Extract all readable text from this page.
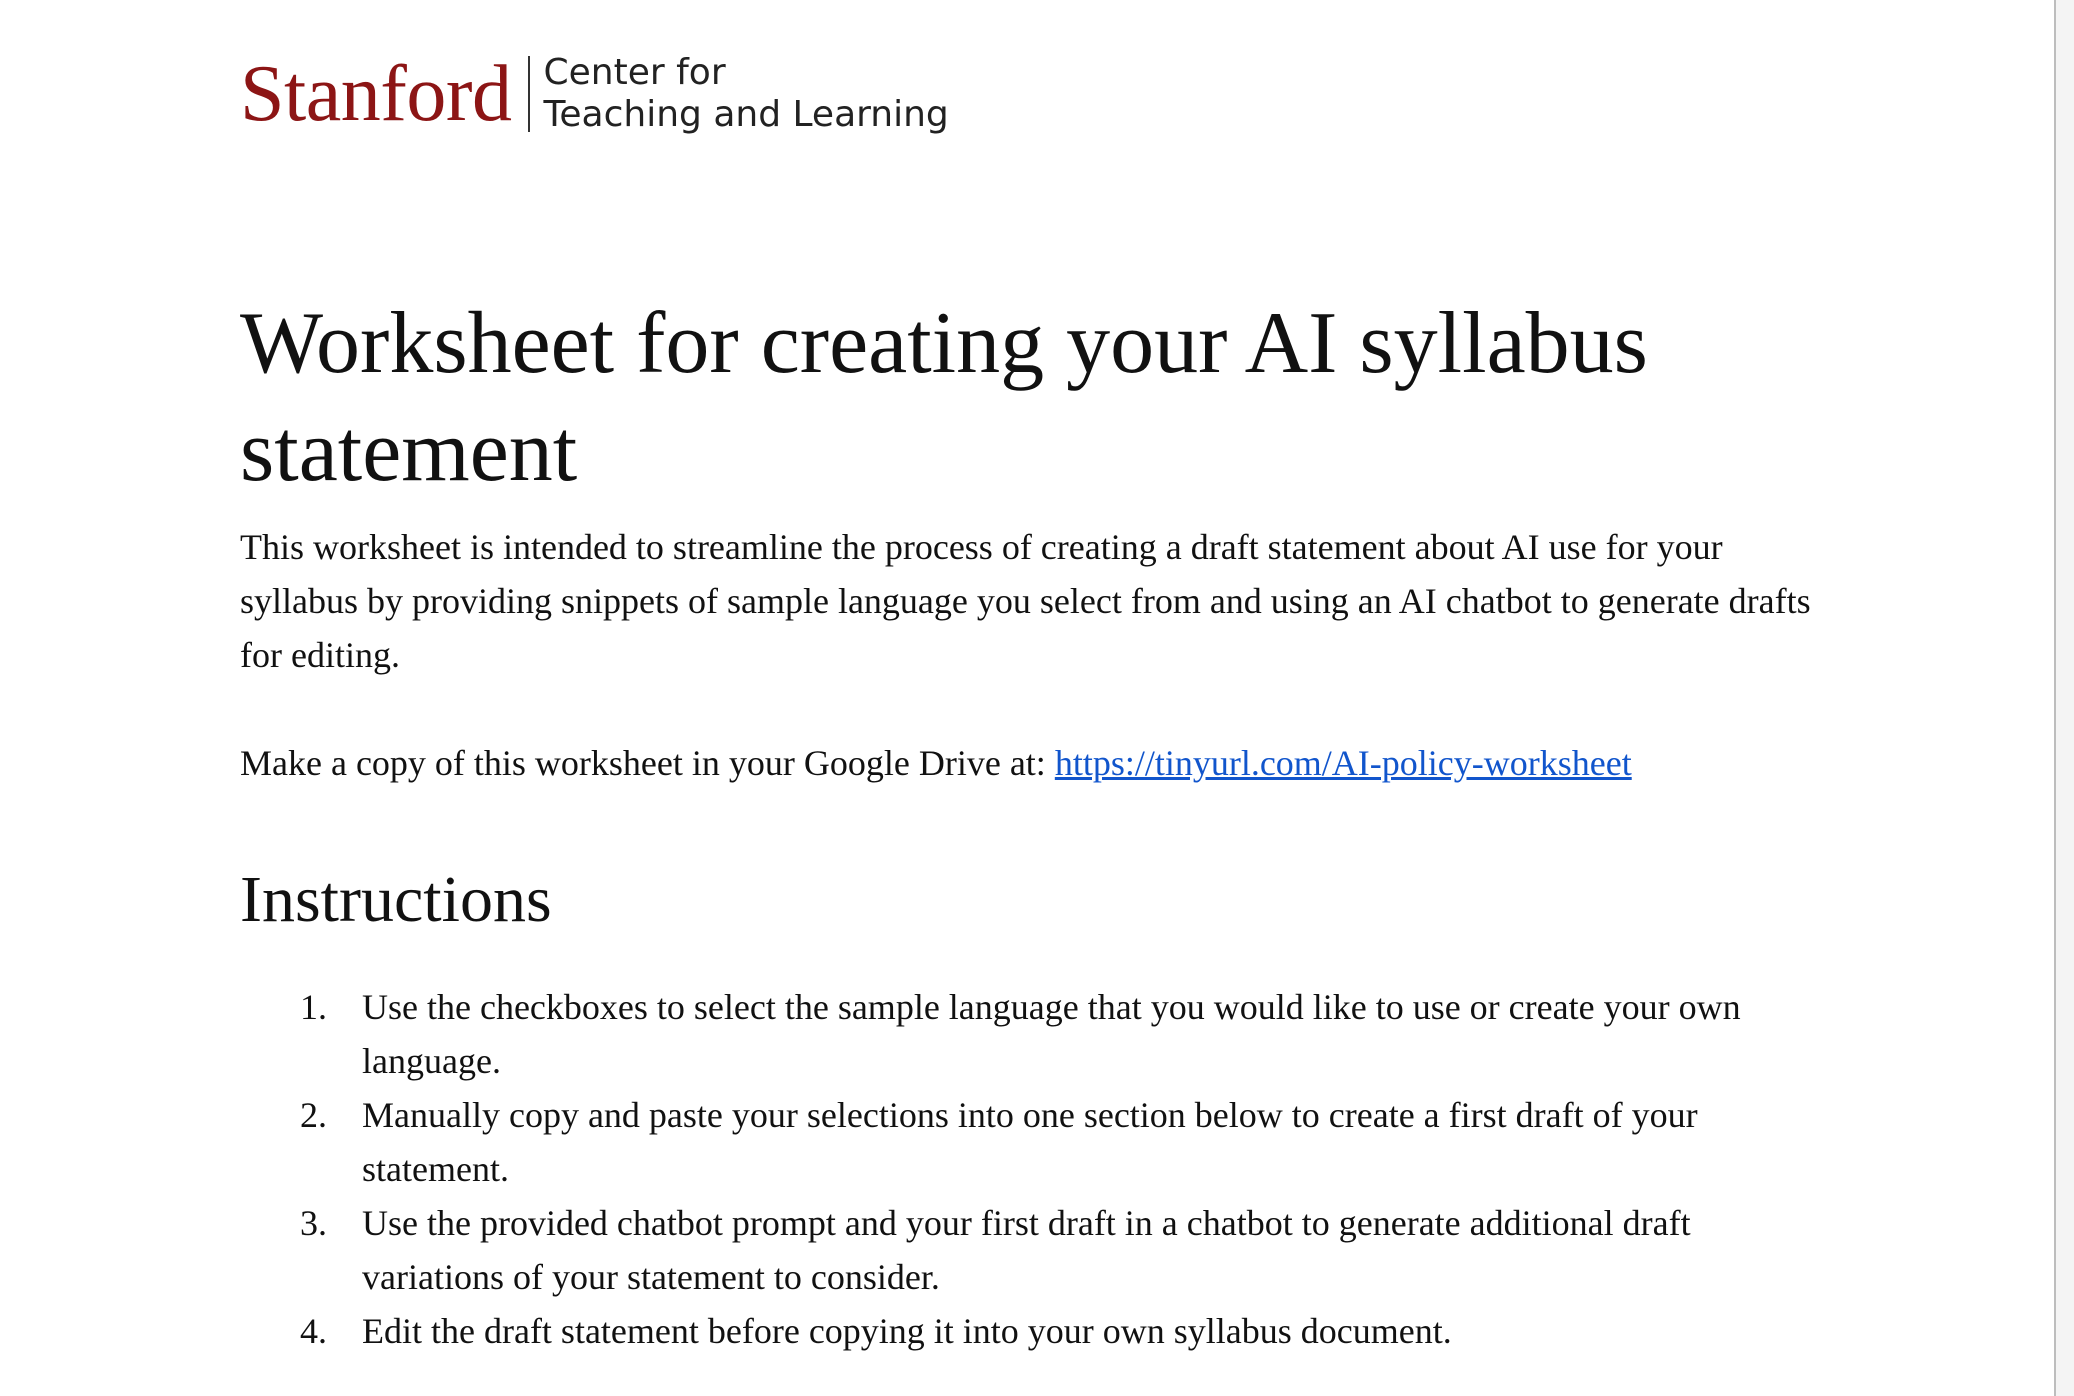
Stanford Center for
Teaching and Learning
Worksheet for creating your AI syllabus statement

This worksheet is intended to streamline the process of creating a draft statement about AI use for your syllabus by providing snippets of sample language you select from and using an AI chatbot to generate drafts for editing.

Make a copy of this worksheet in your Google Drive at: https://tinyurl.com/AI-policy-worksheet

Instructions
1. Use the checkboxes to select the sample language that you would like to use or create your own language.
2. Manually copy and paste your selections into one section below to create a first draft of your statement.
3. Use the provided chatbot prompt and your first draft in a chatbot to generate additional draft variations of your statement to consider.
4. Edit the draft statement before copying it into your own syllabus document.
